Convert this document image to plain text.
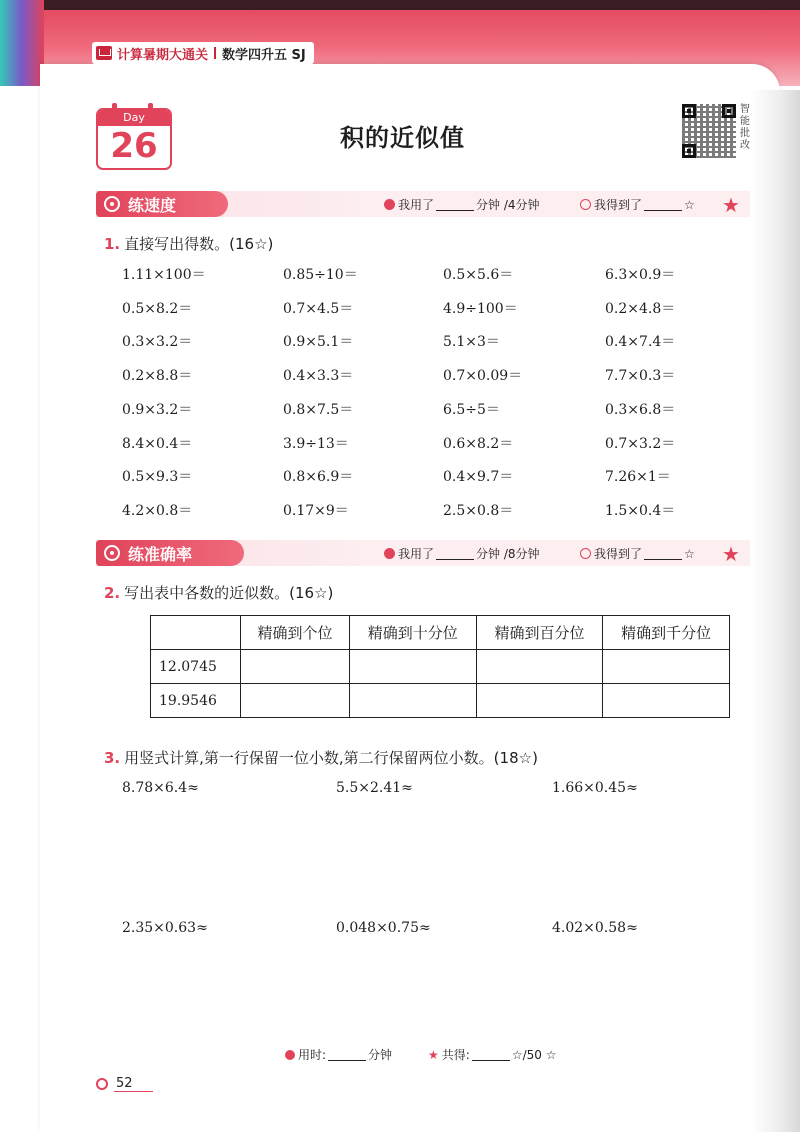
计算暑期大通关 数学四升五 SJ
Day
26	积的近似值
智能批改
练速度	我用了	分钟 /4分钟	我得到了	☆ ★
1. 直接写出得数。(16☆)
1.11×100＝	0.85÷10＝	0.5×5.6＝	6.3×0.9＝
0.5×8.2＝	0.7×4.5＝	4.9÷100＝	0.2×4.8＝
0.3×3.2＝	0.9×5.1＝	5.1×3＝	0.4×7.4＝
0.2×8.8＝	0.4×3.3＝	0.7×0.09＝	7.7×0.3＝
0.9×3.2＝	0.8×7.5＝	6.5÷5＝	0.3×6.8＝
8.4×0.4＝	3.9÷13＝	0.6×8.2＝	0.7×3.2＝
0.5×9.3＝	0.8×6.9＝	0.4×9.7＝	7.26×1＝
4.2×0.8＝	0.17×9＝	2.5×0.8＝	1.5×0.4＝
练准确率	我用了	分钟 /8分钟	我得到了	☆ ★
2. 写出表中各数的近似数。(16☆)
	精确到个位	精确到十分位	精确到百分位	精确到千分位
12.0745				
19.9546				
3. 用竖式计算,第一行保留一位小数,第二行保留两位小数。(18☆)
8.78×6.4≈	5.5×2.41≈	1.66×0.45≈
2.35×0.63≈	0.048×0.75≈	4.02×0.58≈
用时:	分钟	★ 共得:	☆/50 ☆
52
